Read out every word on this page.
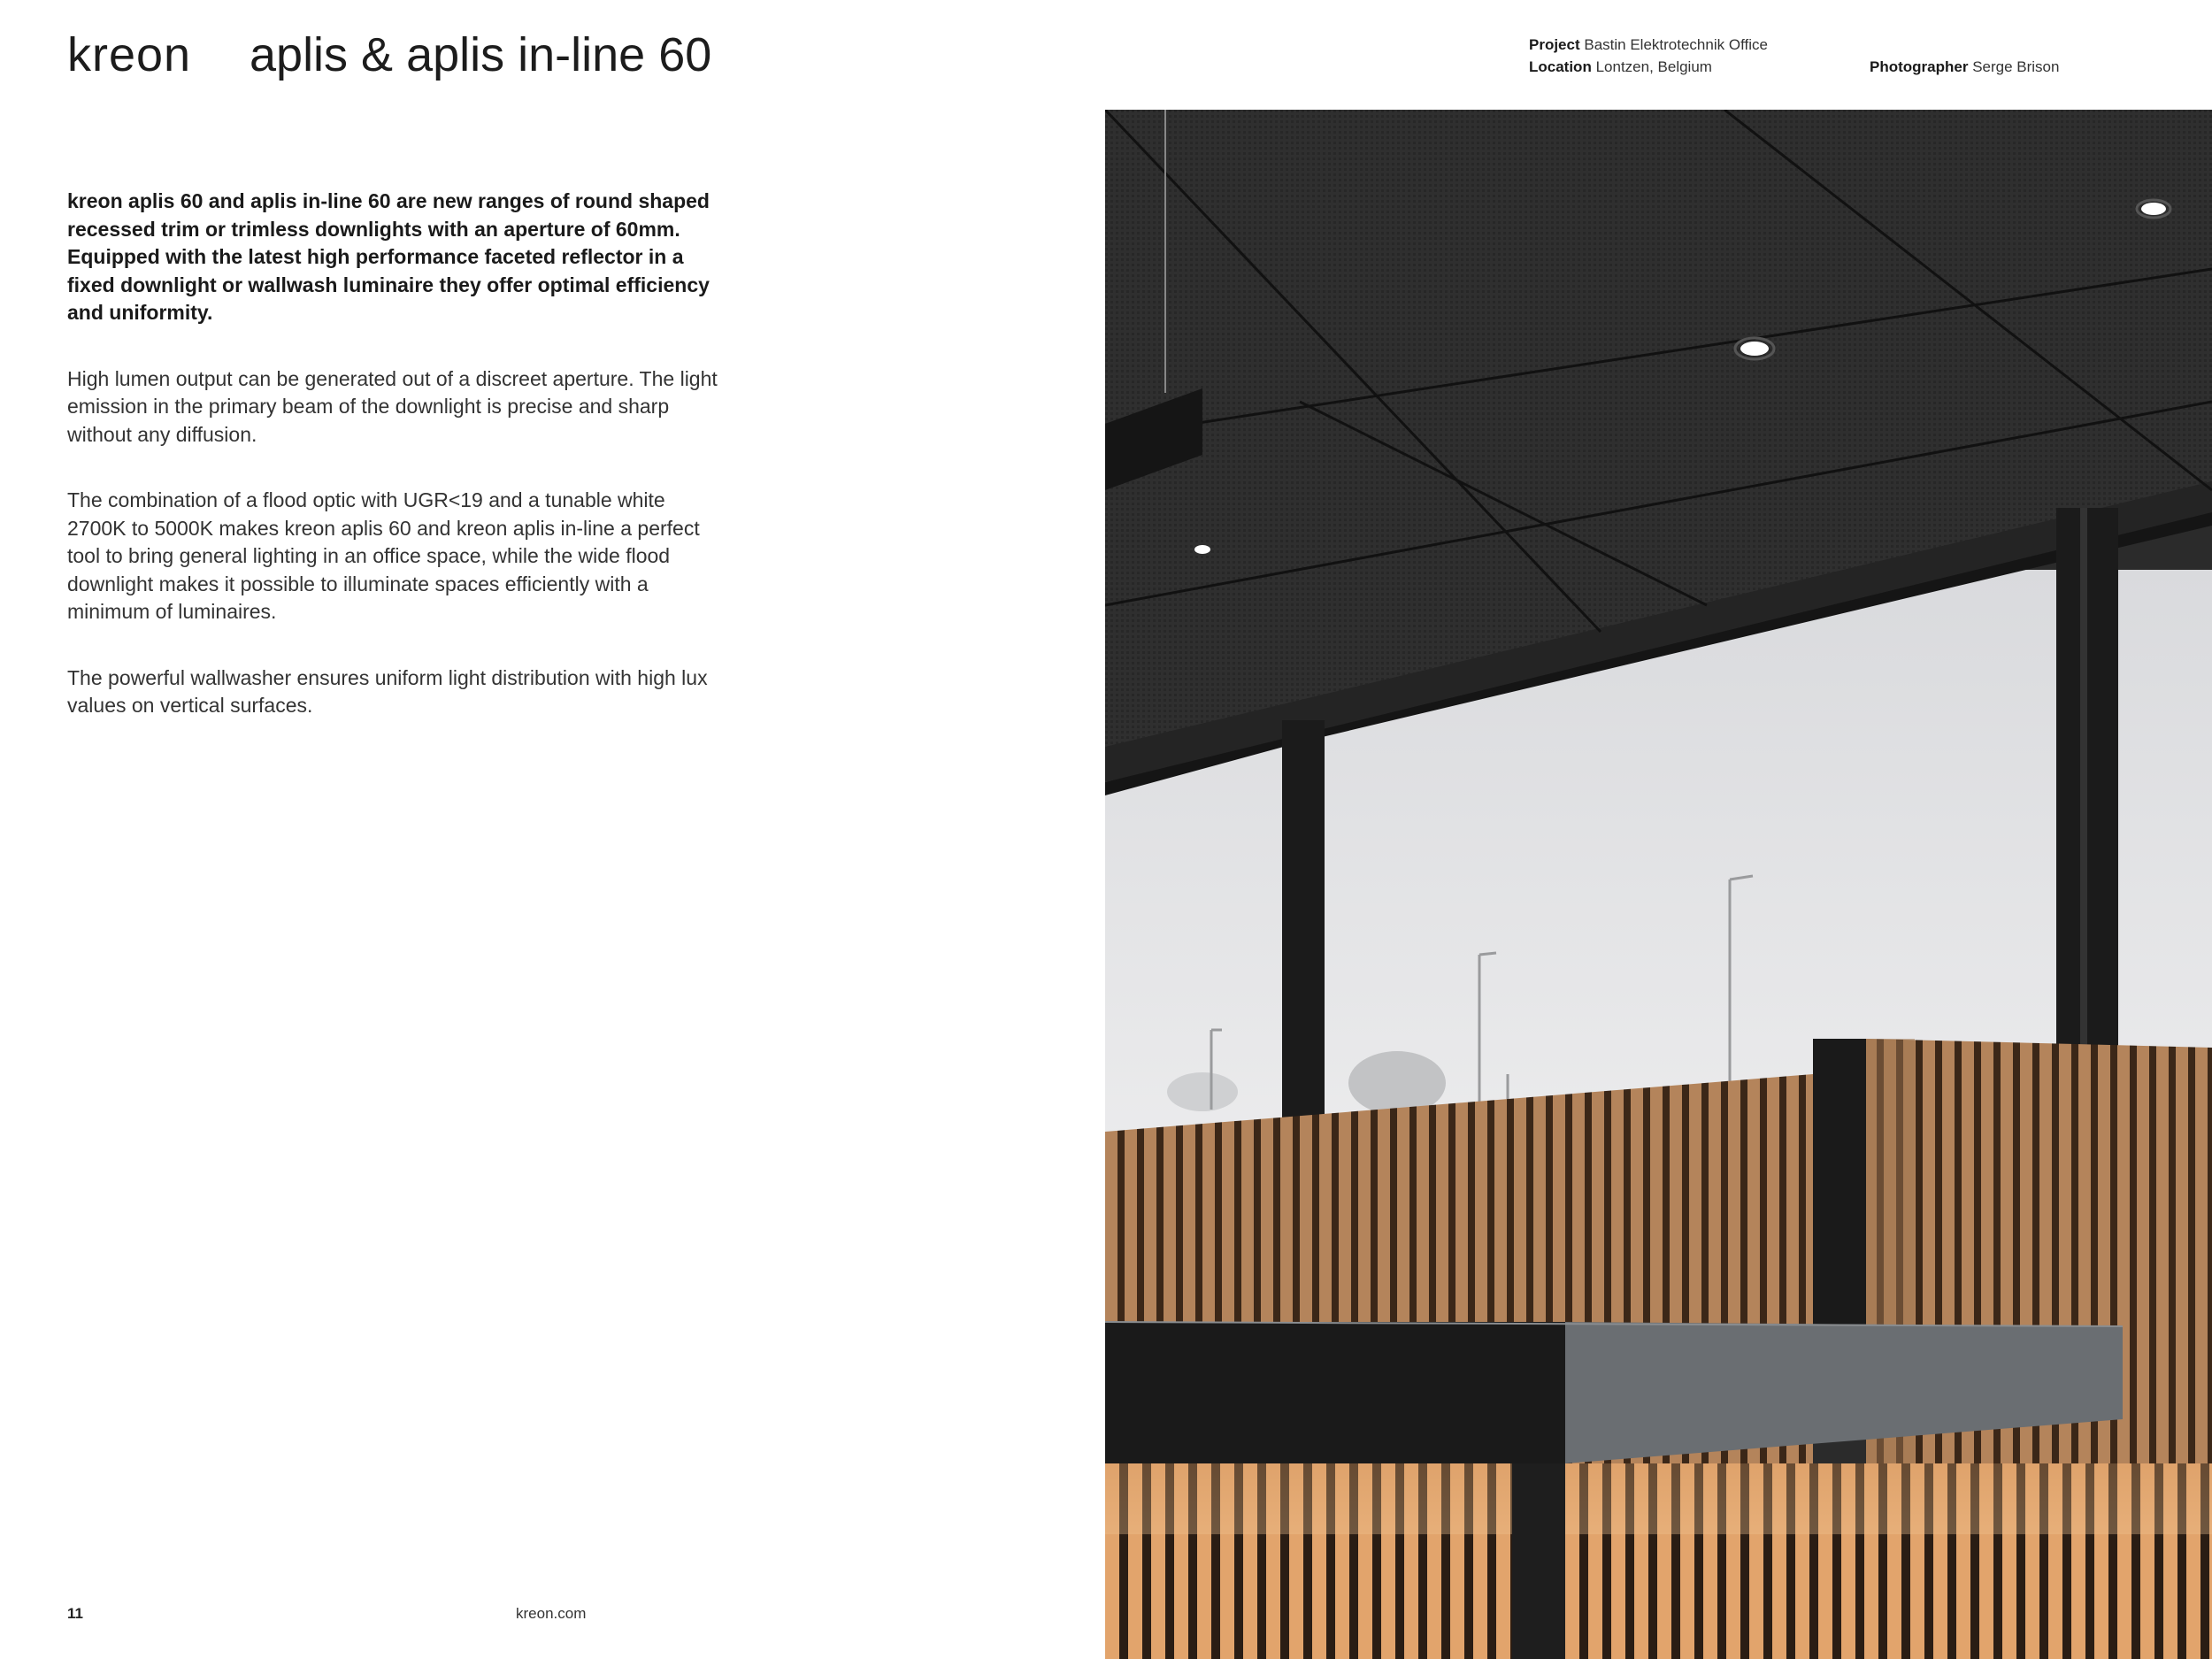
kreon aplis & aplis in-line 60	Project Bastin Elektrotechnik Office
Location Lontzen, Belgium	Photographer Serge Brison

kreon aplis 60 and aplis in-line 60 are new ranges of round shaped recessed trim or trimless downlights with an aperture of 60mm. Equipped with the latest high performance faceted reflector in a fixed downlight or wallwash luminaire they offer optimal efficiency and uniformity.

High lumen output can be generated out of a discreet aperture. The light emission in the primary beam of the downlight is precise and sharp without any diffusion.

The combination of a flood optic with UGR<19 and a tunable white 2700K to 5000K makes kreon aplis 60 and kreon aplis in-line a perfect tool to bring general lighting in an office space, while the wide flood downlight makes it possible to illuminate spaces efficiently with a minimum of luminaires.

The powerful wallwasher ensures uniform light distribution with high lux values on vertical surfaces.

11	kreon.com
